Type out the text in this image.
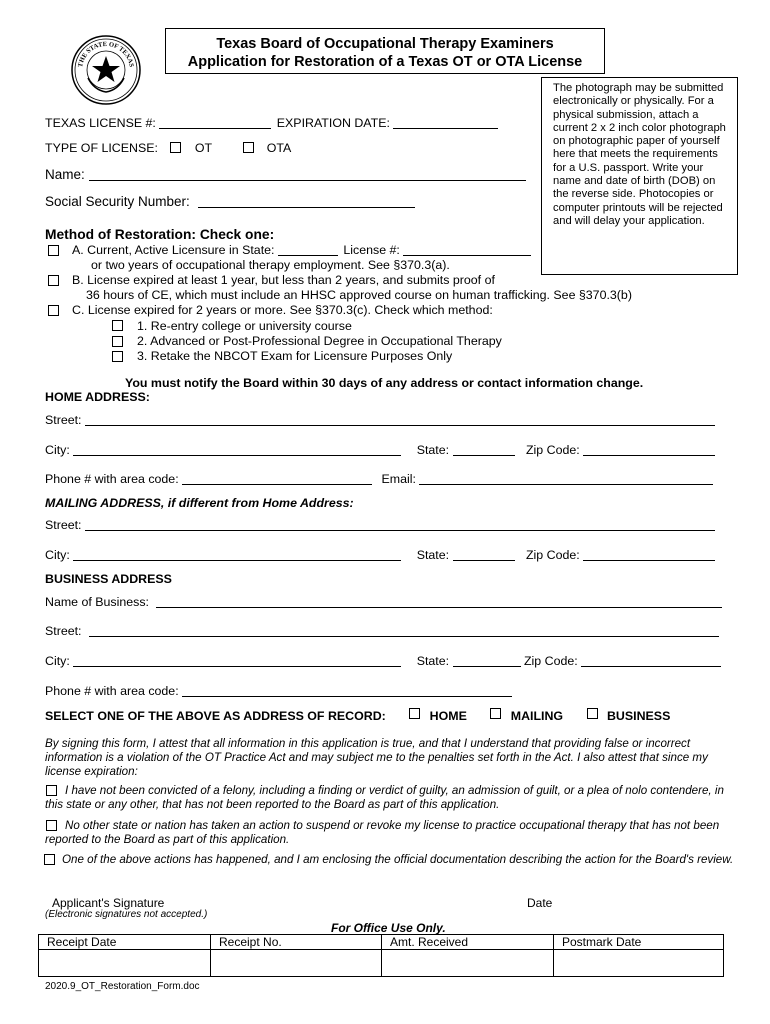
THE STATE OF TEXAS
Texas Board of Occupational Therapy Examiners
Application for Restoration of a Texas OT or OTA License
The photograph may be submitted electronically or physically. For a physical submission, attach a current 2 x 2 inch color photograph on photographic paper of yourself here that meets the requirements for a U.S. passport. Write your name and date of birth (DOB) on the reverse side. Photocopies or computer printouts will be rejected and will delay your application.
TEXAS LICENSE #:	EXPIRATION DATE:
TYPE OF LICENSE:	OT	OTA
Name:
Social Security Number:
Method of Restoration: Check one:
A. Current, Active Licensure in State:	License #:
or two years of occupational therapy employment. See §370.3(a).
B. License expired at least 1 year, but less than 2 years, and submits proof of
36 hours of CE, which must include an HHSC approved course on human trafficking. See §370.3(b)
C. License expired for 2 years or more. See §370.3(c). Check which method:
1. Re-entry college or university course
2. Advanced or Post-Professional Degree in Occupational Therapy
3. Retake the NBCOT Exam for Licensure Purposes Only
You must notify the Board within 30 days of any address or contact information change.
HOME ADDRESS:
Street:
City:	State:	Zip Code:
Phone # with area code:	Email:
MAILING ADDRESS, if different from Home Address:
Street:
City:	State:	Zip Code:
BUSINESS ADDRESS
Name of Business:
Street:
City:	State:	Zip Code:
Phone # with area code:
SELECT ONE OF THE ABOVE AS ADDRESS OF RECORD:	HOME	MAILING	BUSINESS
By signing this form, I attest that all information in this application is true, and that I understand that providing false or incorrect information is a violation of the OT Practice Act and may subject me to the penalties set forth in the Act. I also attest that since my license expiration:
I have not been convicted of a felony, including a finding or verdict of guilty, an admission of guilt, or a plea of nolo contendere, in this state or any other, that has not been reported to the Board as part of this application.
No other state or nation has taken an action to suspend or revoke my license to practice occupational therapy that has not been reported to the Board as part of this application.
One of the above actions has happened, and I am enclosing the official documentation describing the action for the Board's review.
Applicant's Signature
(Electronic signatures not accepted.)
Date
For Office Use Only.
Receipt Date	Receipt No.	Amt. Received	Postmark Date

2020.9_OT_Restoration_Form.doc
